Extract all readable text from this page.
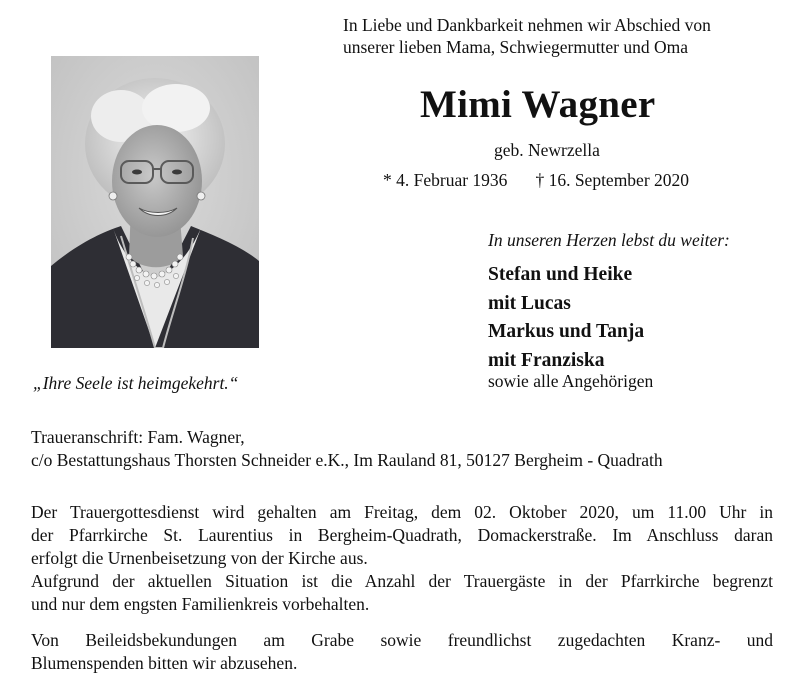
In Liebe und Dankbarkeit nehmen wir Abschied von
unserer lieben Mama, Schwiegermutter und Oma
Mimi Wagner
geb. Newrzella
* 4. Februar 1936 † 16. September 2020
In unseren Herzen lebst du weiter:
Stefan und Heike
mit Lucas
Markus und Tanja
mit Franziska
sowie alle Angehörigen
„Ihre Seele ist heimgekehrt.“
Traueranschrift: Fam. Wagner,
c/o Bestattungshaus Thorsten Schneider e.K., Im Rauland 81, 50127 Bergheim - Quadrath

Der Trauergottesdienst wird gehalten am Freitag, dem 02. Oktober 2020, um 11.00 Uhr in

der Pfarrkirche St. Laurentius in Bergheim-Quadrath, Domackerstraße. Im Anschluss daran

erfolgt die Urnenbeisetzung von der Kirche aus.

Aufgrund der aktuellen Situation ist die Anzahl der Trauergäste in der Pfarrkirche begrenzt

und nur dem engsten Familienkreis vorbehalten.

Von Beileidsbekundungen am Grabe sowie freundlichst zugedachten Kranz- und
Blumenspenden bitten wir abzusehen.
